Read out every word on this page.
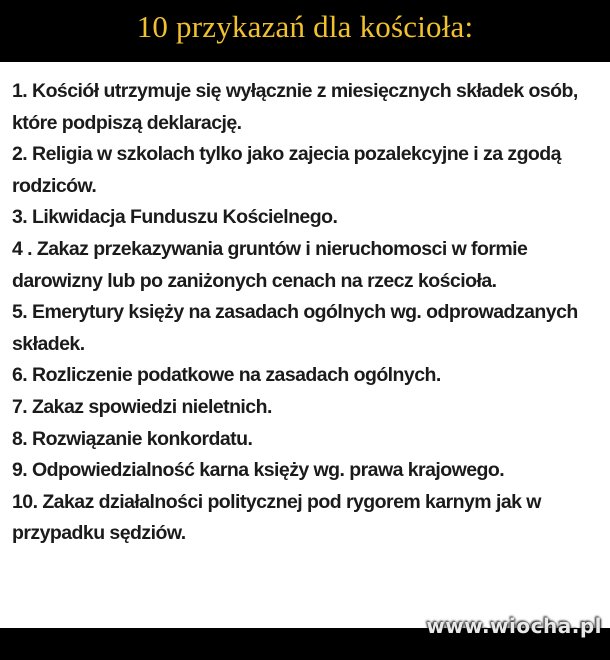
10 przykazań dla kościoła:
1. Kościół utrzymuje się wyłącznie z miesięcznych składek osób, które podpiszą deklarację.
2. Religia w szkolach tylko jako zajecia pozalekcyjne i za zgodą rodziców.
3. Likwidacja Funduszu Kościelnego.
4 . Zakaz przekazywania gruntów i nieruchomosci w formie darowizny lub po zaniżonych cenach na rzecz kościoła.
5. Emerytury księży na zasadach ogólnych wg. odprowadzanych składek.
6. Rozliczenie podatkowe na zasadach ogólnych.
7. Zakaz spowiedzi nieletnich.
8. Rozwiązanie konkordatu.
9. Odpowiedzialność karna księży wg. prawa krajowego.
10. Zakaz działalności politycznej pod rygorem karnym jak w przypadku sędziów.
www.wiocha.pl
